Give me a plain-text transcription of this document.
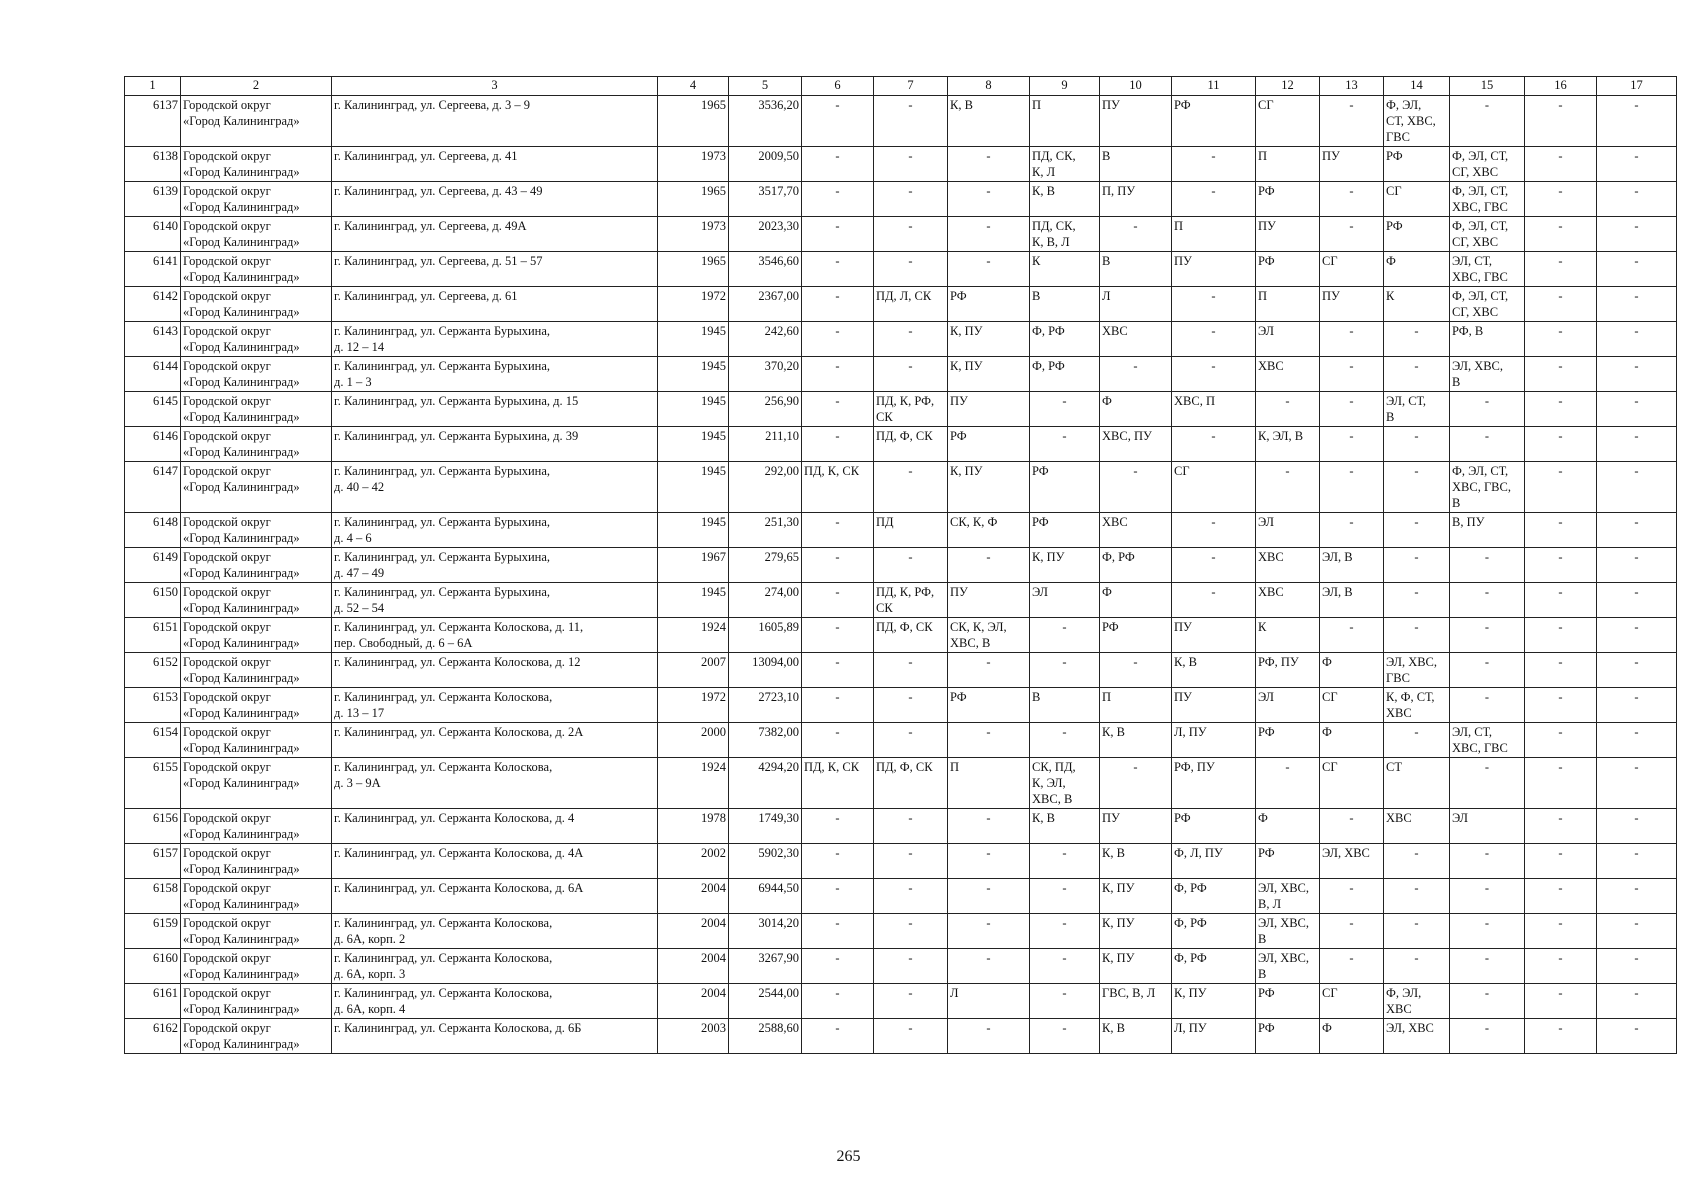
1	2	3	4	5	6	7	8	9	10	11	12	13	14	15	16	17
6137	Городской округ
«Город Калининград»	г. Калининград, ул. Сергеева, д. 3 – 9	1965	3536,20	-	-	К, В	П	ПУ	РФ	СГ	-	Ф, ЭЛ,
СТ, ХВС,
ГВС	-	-	-
6138	Городской округ
«Город Калининград»	г. Калининград, ул. Сергеева, д. 41	1973	2009,50	-	-	-	ПД, СК,
К, Л	В	-	П	ПУ	РФ	Ф, ЭЛ, СТ,
СГ, ХВС	-	-
6139	Городской округ
«Город Калининград»	г. Калининград, ул. Сергеева, д. 43 – 49	1965	3517,70	-	-	-	К, В	П, ПУ	-	РФ	-	СГ	Ф, ЭЛ, СТ,
ХВС, ГВС	-	-
6140	Городской округ
«Город Калининград»	г. Калининград, ул. Сергеева, д. 49А	1973	2023,30	-	-	-	ПД, СК,
К, В, Л	-	П	ПУ	-	РФ	Ф, ЭЛ, СТ,
СГ, ХВС	-	-
6141	Городской округ
«Город Калининград»	г. Калининград, ул. Сергеева, д. 51 – 57	1965	3546,60	-	-	-	К	В	ПУ	РФ	СГ	Ф	ЭЛ, СТ,
ХВС, ГВС	-	-
6142	Городской округ
«Город Калининград»	г. Калининград, ул. Сергеева, д. 61	1972	2367,00	-	ПД, Л, СК	РФ	В	Л	-	П	ПУ	К	Ф, ЭЛ, СТ,
СГ, ХВС	-	-
6143	Городской округ
«Город Калининград»	г. Калининград, ул. Сержанта Бурыхина,
д. 12 – 14	1945	242,60	-	-	К, ПУ	Ф, РФ	ХВС	-	ЭЛ	-	-	РФ, В	-	-
6144	Городской округ
«Город Калининград»	г. Калининград, ул. Сержанта Бурыхина,
д. 1 – 3	1945	370,20	-	-	К, ПУ	Ф, РФ	-	-	ХВС	-	-	ЭЛ, ХВС,
В	-	-
6145	Городской округ
«Город Калининград»	г. Калининград, ул. Сержанта Бурыхина, д. 15	1945	256,90	-	ПД, К, РФ,
СК	ПУ	-	Ф	ХВС, П	-	-	ЭЛ, СТ,
В	-	-	-
6146	Городской округ
«Город Калининград»	г. Калининград, ул. Сержанта Бурыхина, д. 39	1945	211,10	-	ПД, Ф, СК	РФ	-	ХВС, ПУ	-	К, ЭЛ, В	-	-	-	-	-
6147	Городской округ
«Город Калининград»	г. Калининград, ул. Сержанта Бурыхина,
д. 40 – 42	1945	292,00	ПД, К, СК	-	К, ПУ	РФ	-	СГ	-	-	-	Ф, ЭЛ, СТ,
ХВС, ГВС,
В	-	-
6148	Городской округ
«Город Калининград»	г. Калининград, ул. Сержанта Бурыхина,
д. 4 – 6	1945	251,30	-	ПД	СК, К, Ф	РФ	ХВС	-	ЭЛ	-	-	В, ПУ	-	-
6149	Городской округ
«Город Калининград»	г. Калининград, ул. Сержанта Бурыхина,
д. 47 – 49	1967	279,65	-	-	-	К, ПУ	Ф, РФ	-	ХВС	ЭЛ, В	-	-	-	-
6150	Городской округ
«Город Калининград»	г. Калининград, ул. Сержанта Бурыхина,
д. 52 – 54	1945	274,00	-	ПД, К, РФ,
СК	ПУ	ЭЛ	Ф	-	ХВС	ЭЛ, В	-	-	-	-
6151	Городской округ
«Город Калининград»	г. Калининград, ул. Сержанта Колоскова, д. 11,
пер. Свободный, д. 6 – 6А	1924	1605,89	-	ПД, Ф, СК	СК, К, ЭЛ,
ХВС, В	-	РФ	ПУ	К	-	-	-	-	-
6152	Городской округ
«Город Калининград»	г. Калининград, ул. Сержанта Колоскова, д. 12	2007	13094,00	-	-	-	-	-	К, В	РФ, ПУ	Ф	ЭЛ, ХВС,
ГВС	-	-	-
6153	Городской округ
«Город Калининград»	г. Калининград, ул. Сержанта Колоскова,
д. 13 – 17	1972	2723,10	-	-	РФ	В	П	ПУ	ЭЛ	СГ	К, Ф, СТ,
ХВС	-	-	-
6154	Городской округ
«Город Калининград»	г. Калининград, ул. Сержанта Колоскова, д. 2А	2000	7382,00	-	-	-	-	К, В	Л, ПУ	РФ	Ф	-	ЭЛ, СТ,
ХВС, ГВС	-	-
6155	Городской округ
«Город Калининград»	г. Калининград, ул. Сержанта Колоскова,
д. 3 – 9А	1924	4294,20	ПД, К, СК	ПД, Ф, СК	П	СК, ПД,
К, ЭЛ,
ХВС, В	-	РФ, ПУ	-	СГ	СТ	-	-	-
6156	Городской округ
«Город Калининград»	г. Калининград, ул. Сержанта Колоскова, д. 4	1978	1749,30	-	-	-	К, В	ПУ	РФ	Ф	-	ХВС	ЭЛ	-	-
6157	Городской округ
«Город Калининград»	г. Калининград, ул. Сержанта Колоскова, д. 4А	2002	5902,30	-	-	-	-	К, В	Ф, Л, ПУ	РФ	ЭЛ, ХВС	-	-	-	-
6158	Городской округ
«Город Калининград»	г. Калининград, ул. Сержанта Колоскова, д. 6А	2004	6944,50	-	-	-	-	К, ПУ	Ф, РФ	ЭЛ, ХВС,
В, Л	-	-	-	-	-
6159	Городской округ
«Город Калининград»	г. Калининград, ул. Сержанта Колоскова,
д. 6А, корп. 2	2004	3014,20	-	-	-	-	К, ПУ	Ф, РФ	ЭЛ, ХВС,
В	-	-	-	-	-
6160	Городской округ
«Город Калининград»	г. Калининград, ул. Сержанта Колоскова,
д. 6А, корп. 3	2004	3267,90	-	-	-	-	К, ПУ	Ф, РФ	ЭЛ, ХВС,
В	-	-	-	-	-
6161	Городской округ
«Город Калининград»	г. Калининград, ул. Сержанта Колоскова,
д. 6А, корп. 4	2004	2544,00	-	-	Л	-	ГВС, В, Л	К, ПУ	РФ	СГ	Ф, ЭЛ,
ХВС	-	-	-
6162	Городской округ
«Город Калининград»	г. Калининград, ул. Сержанта Колоскова, д. 6Б	2003	2588,60	-	-	-	-	К, В	Л, ПУ	РФ	Ф	ЭЛ, ХВС	-	-	-
265
